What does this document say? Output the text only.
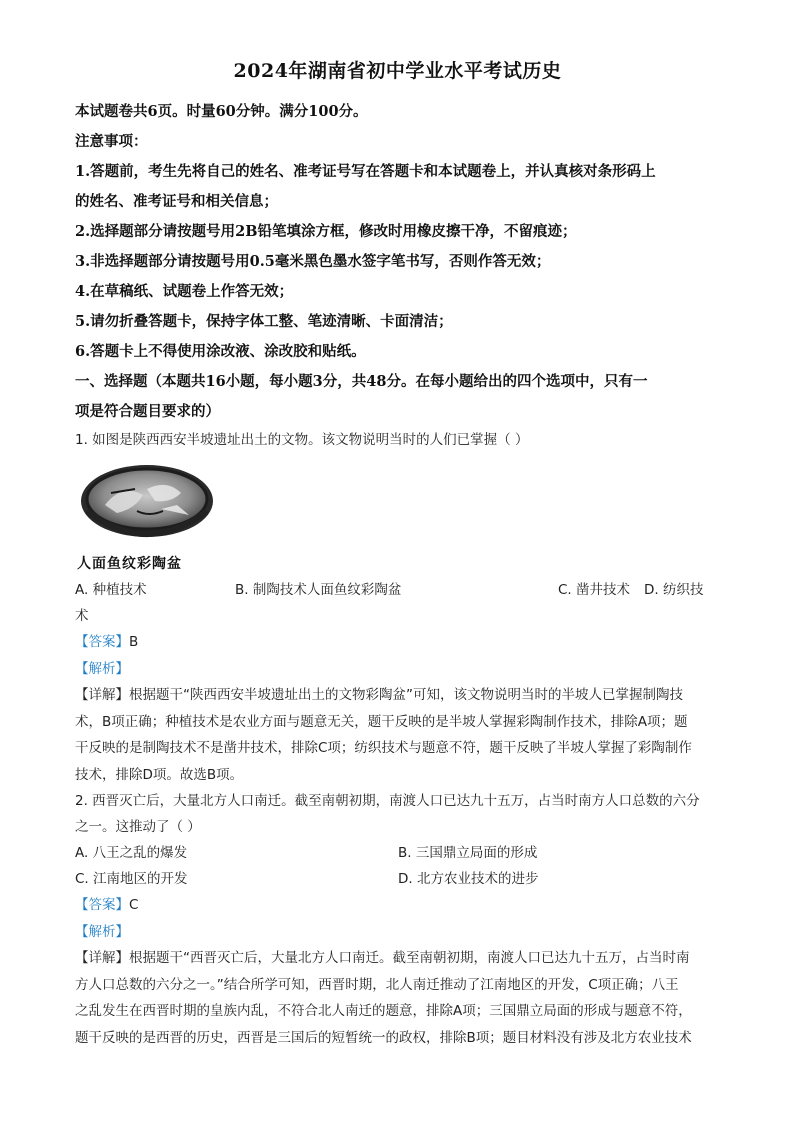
2024年湖南省初中学业水平考试历史
本试题卷共6页。时量60分钟。满分100分。
注意事项：
1.答题前，考生先将自己的姓名、准考证号写在答题卡和本试题卷上，并认真核对条形码上
的姓名、准考证号和相关信息；
2.选择题部分请按题号用2B铅笔填涂方框，修改时用橡皮擦干净，不留痕迹；
3.非选择题部分请按题号用0.5毫米黑色墨水签字笔书写，否则作答无效；
4.在草稿纸、试题卷上作答无效；
5.请勿折叠答题卡，保持字体工整、笔迹清晰、卡面清洁；
6.答题卡上不得使用涂改液、涂改胶和贴纸。
一、选择题（本题共16小题，每小题3分，共48分。在每小题给出的四个选项中，只有一
项是符合题目要求的）
1. 如图是陕西西安半坡遗址出土的文物。该文物说明当时的人们已掌握（ ）
人面鱼纹彩陶盆
A. 种植技术	B. 制陶技术人面鱼纹彩陶盆	C. 凿井技术	D. 纺织技
术
【答案】B
【解析】
【详解】根据题干“陕西西安半坡遗址出土的文物彩陶盆”可知，该文物说明当时的半坡人已掌握制陶技
术，B项正确；种植技术是农业方面与题意无关，题干反映的是半坡人掌握彩陶制作技术，排除A项；题
干反映的是制陶技术不是凿井技术，排除C项；纺织技术与题意不符，题干反映了半坡人掌握了彩陶制作
技术，排除D项。故选B项。
2. 西晋灭亡后，大量北方人口南迁。截至南朝初期，南渡人口已达九十五万，占当时南方人口总数的六分
之一。这推动了（ ）
A. 八王之乱的爆发	B. 三国鼎立局面的形成
C. 江南地区的开发	D. 北方农业技术的进步
【答案】C
【解析】
【详解】根据题干“西晋灭亡后，大量北方人口南迁。截至南朝初期，南渡人口已达九十五万，占当时南
方人口总数的六分之一。”结合所学可知，西晋时期，北人南迁推动了江南地区的开发，C项正确；八王
之乱发生在西晋时期的皇族内乱，不符合北人南迁的题意，排除A项；三国鼎立局面的形成与题意不符，
题干反映的是西晋的历史，西晋是三国后的短暂统一的政权，排除B项；题目材料没有涉及北方农业技术
